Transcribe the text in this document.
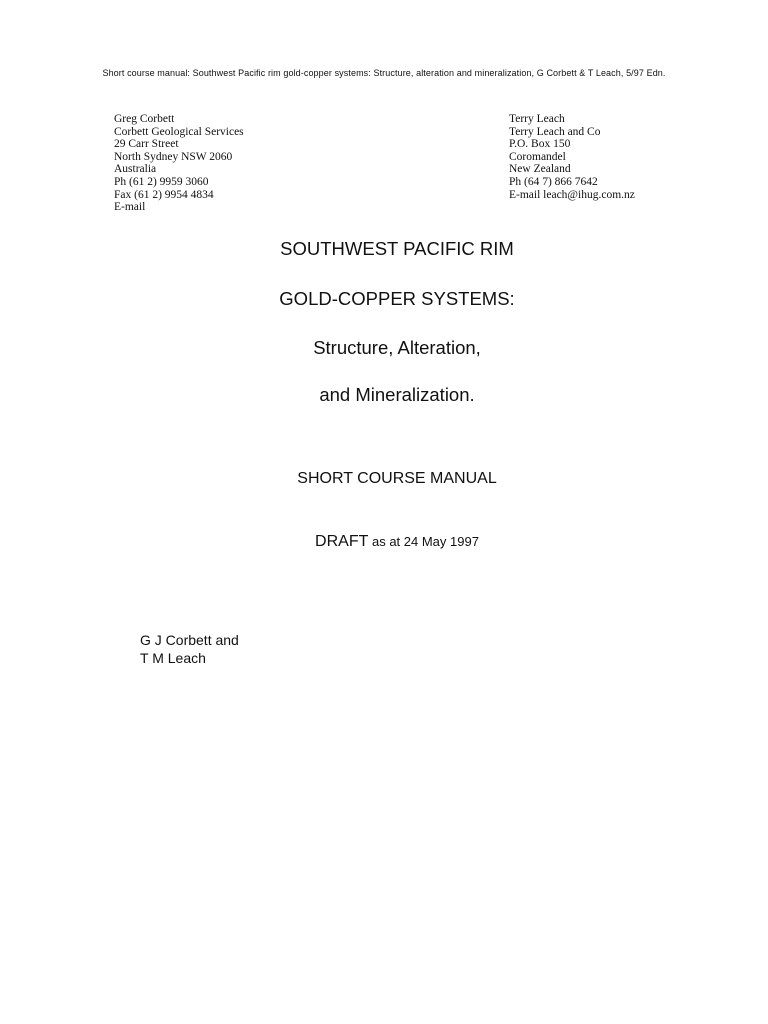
Short course manual: Southwest Pacific rim gold-copper systems: Structure, alteration and mineralization, G Corbett & T Leach, 5/97 Edn.
Greg Corbett
Corbett Geological Services
29 Carr Street
North Sydney NSW 2060
Australia
Ph (61 2) 9959 3060
Fax (61 2) 9954 4834
E-mail
Terry Leach
Terry Leach and Co
P.O. Box 150
Coromandel
New Zealand
Ph (64 7) 866 7642
E-mail leach@ihug.com.nz
SOUTHWEST PACIFIC RIM
GOLD-COPPER SYSTEMS:
Structure, Alteration,
and Mineralization.
SHORT COURSE MANUAL
DRAFT as at 24 May 1997
G J Corbett and
T M Leach
